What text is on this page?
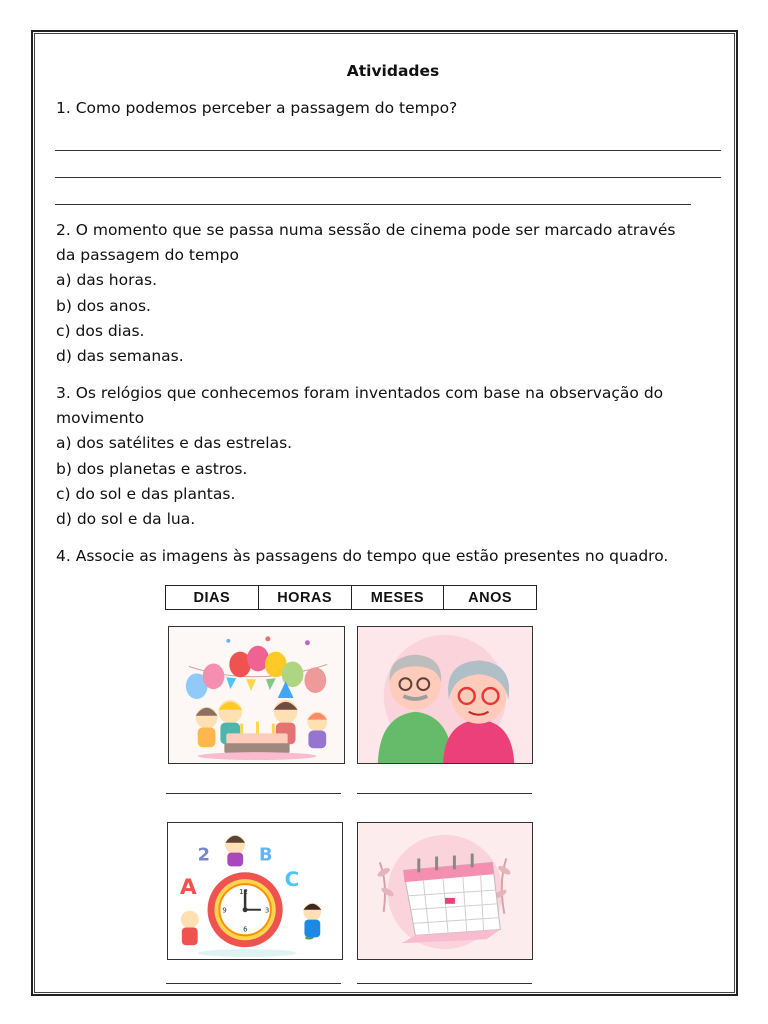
Atividades
1. Como podemos perceber a passagem do tempo?
2. O momento que se passa numa sessão de cinema pode ser marcado através
da passagem do tempo
a) das horas.
b) dos anos.
c) dos dias.
d) das semanas.
3. Os relógios que conhecemos foram inventados com base na observação do
movimento
a) dos satélites e das estrelas.
b) dos planetas e astros.
c) do sol e das plantas.
d) do sol e da lua.
4. Associe as imagens às passagens do tempo que estão presentes no quadro.
DIAS	HORAS	MESES	ANOS
2
A
B
C
12
3
6
9
